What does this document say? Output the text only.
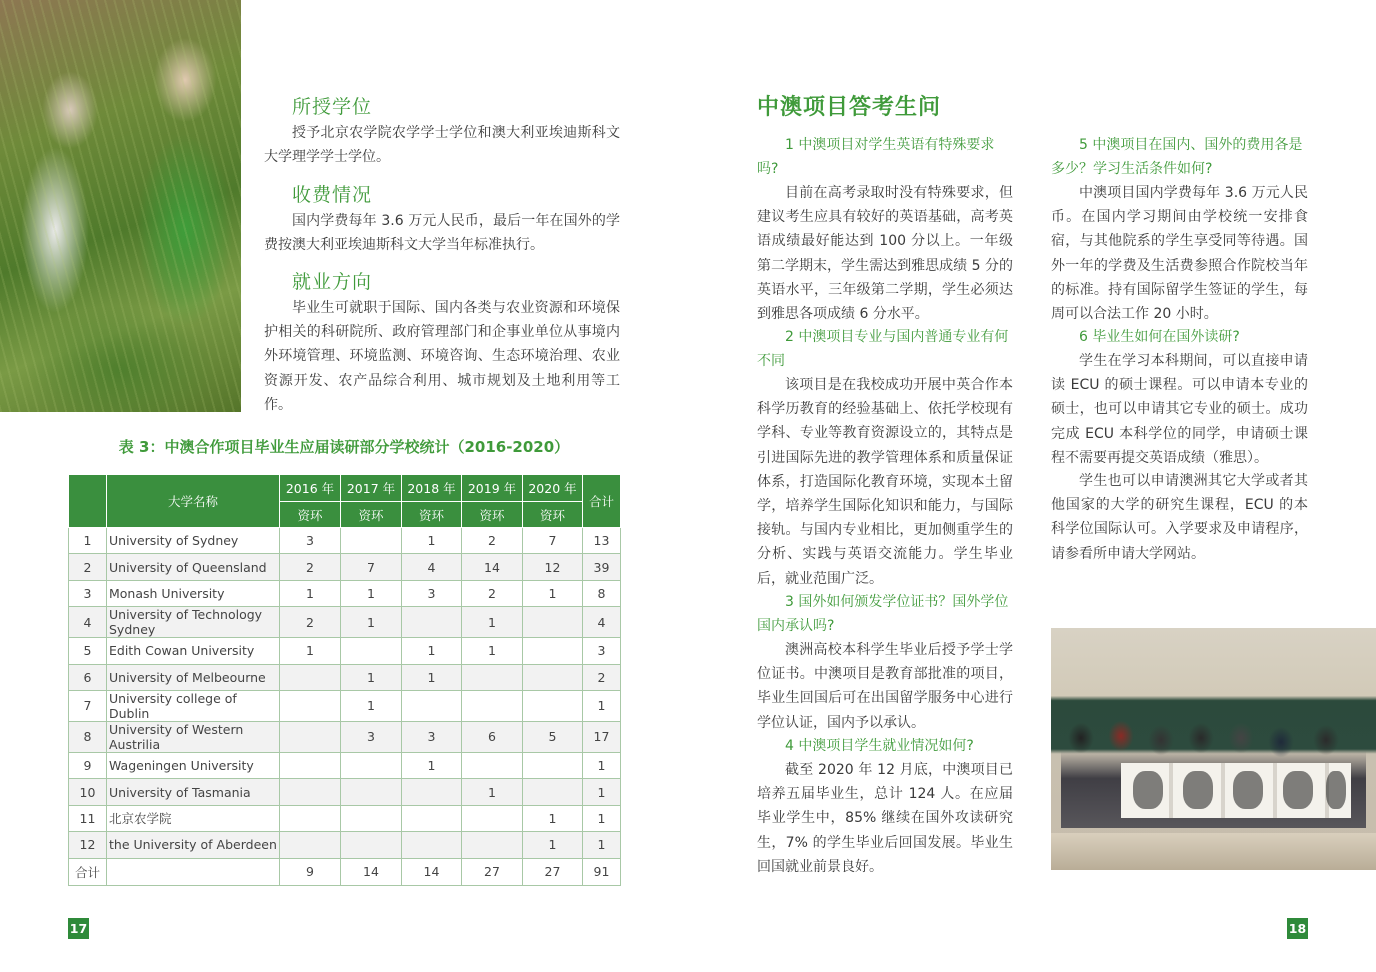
所授学位

授予北京农学院农学学士学位和澳大利亚埃迪斯科文大学理学学士学位。

收费情况

国内学费每年 3.6 万元人民币，最后一年在国外的学费按澳大利亚埃迪斯科文大学当年标准执行。

就业方向

毕业生可就职于国际、国内各类与农业资源和环境保护相关的科研院所、政府管理部门和企事业单位从事境内外环境管理、环境监测、环境咨询、生态环境治理、农业资源开发、农产品综合利用、城市规划及土地利用等工作。

表 3：中澳合作项目毕业生应届读研部分学校统计（2016-2020）

	大学名称	2016 年	2017 年	2018 年	2019 年	2020 年	合计
		资环	资环	资环	资环	资环	
1	University of Sydney	3		1	2	7	13
2	University of Queensland	2	7	4	14	12	39
3	Monash University	1	1	3	2	1	8
4	University of Technology Sydney	2	1		1		4
5	Edith Cowan University	1		1	1		3
6	University of Melbeourne		1	1			2
7	University college of Dublin		1				1
8	University of Western Austrilia		3	3	6	5	17
9	Wageningen University			1			1
10	University of Tasmania				1		1
11	北京农学院					1	1
12	the University of Aberdeen					1	1
合计		9	14	14	27	27	91
17
中澳项目答考生问

1 中澳项目对学生英语有特殊要求吗?

目前在高考录取时没有特殊要求，但建议考生应具有较好的英语基础，高考英语成绩最好能达到 100 分以上。一年级第二学期末，学生需达到雅思成绩 5 分的英语水平，三年级第二学期，学生必须达到雅思各项成绩 6 分水平。

2 中澳项目专业与国内普通专业有何不同

该项目是在我校成功开展中英合作本科学历教育的经验基础上、依托学校现有学科、专业等教育资源设立的，其特点是引进国际先进的教学管理体系和质量保证体系，打造国际化教育环境，实现本土留学，培养学生国际化知识和能力，与国际接轨。与国内专业相比，更加侧重学生的分析、实践与英语交流能力。学生毕业后，就业范围广泛。

3 国外如何颁发学位证书？国外学位国内承认吗?

澳洲高校本科学生毕业后授予学士学位证书。中澳项目是教育部批准的项目，毕业生回国后可在出国留学服务中心进行学位认证，国内予以承认。

4 中澳项目学生就业情况如何?

截至 2020 年 12 月底，中澳项目已培养五届毕业生，总计 124 人。在应届毕业学生中，85% 继续在国外攻读研究生，7% 的学生毕业后回国发展。毕业生回国就业前景良好。

5 中澳项目在国内、国外的费用各是多少？学习生活条件如何?

中澳项目国内学费每年 3.6 万元人民币。在国内学习期间由学校统一安排食宿，与其他院系的学生享受同等待遇。国外一年的学费及生活费参照合作院校当年的标准。持有国际留学生签证的学生，每周可以合法工作 20 小时。

6 毕业生如何在国外读研?

学生在学习本科期间，可以直接申请读 ECU 的硕士课程。可以申请本专业的硕士，也可以申请其它专业的硕士。成功完成 ECU 本科学位的同学，申请硕士课程不需要再提交英语成绩（雅思）。

学生也可以申请澳洲其它大学或者其他国家的大学的研究生课程，ECU 的本科学位国际认可。入学要求及申请程序，请参看所申请大学网站。

18
